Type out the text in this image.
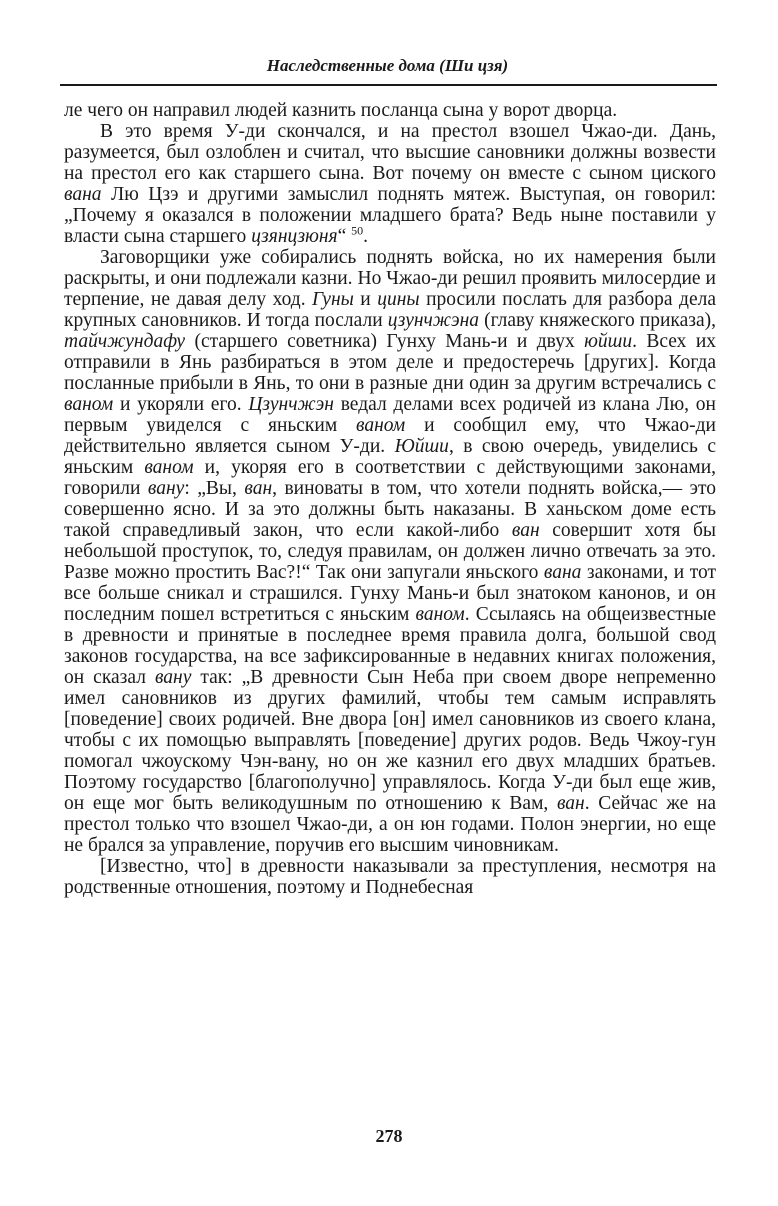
Наследственные дома (Ши цзя)

ле чего он направил людей казнить посланца сына у ворот дворца.

В это время У-ди скончался, и на престол взошел Чжао-ди. Дань, разумеется, был озлоблен и считал, что высшие сановники должны возвести на престол его как старшего сына. Вот почему он вместе с сыном циского вана Лю Цзэ и другими замыслил поднять мятеж. Выступая, он говорил: „Почему я оказался в положении младшего брата? Ведь ныне поставили у власти сына старшего цзянцзюня“ $^{50}$.

Заговорщики уже собирались поднять войска, но их намерения были раскрыты, и они подлежали казни. Но Чжао-ди решил проявить милосердие и терпение, не давая делу ход. Гуны и цины просили послать для разбора дела крупных сановников. И тогда послали цзунчжэна (главу княжеского приказа), тайчжундафу (старшего советника) Гунху Мань-и и двух юйши. Всех их отправили в Янь разбираться в этом деле и предостеречь [других]. Когда посланные прибыли в Янь, то они в разные дни один за другим встречались с ваном и укоряли его. Цзунчжэн ведал делами всех родичей из клана Лю, он первым увиделся с яньским ваном и сообщил ему, что Чжао-ди действительно является сыном У-ди. Юйши, в свою очередь, увиделись с яньским ваном и, укоряя его в соответствии с действующими законами, говорили вану: „Вы, ван, виноваты в том, что хотели поднять войска,— это совершенно ясно. И за это должны быть наказаны. В ханьском доме есть такой справедливый закон, что если какой-либо ван совершит хотя бы небольшой проступок, то, следуя правилам, он должен лично отвечать за это. Разве можно простить Вас?!“ Так они запугали яньского вана законами, и тот все больше сникал и страшился. Гунху Мань-и был знатоком канонов, и он последним пошел встретиться с яньским ваном. Ссылаясь на общеизвестные в древности и принятые в последнее время правила долга, большой свод законов государства, на все зафиксированные в недавних книгах положения, он сказал вану так: „В древности Сын Неба при своем дворе непременно имел сановников из других фамилий, чтобы тем самым исправлять [поведение] своих родичей. Вне двора [он] имел сановников из своего клана, чтобы с их помощью выправлять [поведение] других родов. Ведь Чжоу-гун помогал чжоускому Чэн-вану, но он же казнил его двух младших братьев. Поэтому государство [благополучно] управлялось. Когда У-ди был еще жив, он еще мог быть великодушным по отношению к Вам, ван. Сейчас же на престол только что взошел Чжао-ди, а он юн годами. Полон энергии, но еще не брался за управление, поручив его высшим чиновникам.

[Известно, что] в древности наказывали за преступления, несмотря на родственные отношения, поэтому и Поднебесная

278
